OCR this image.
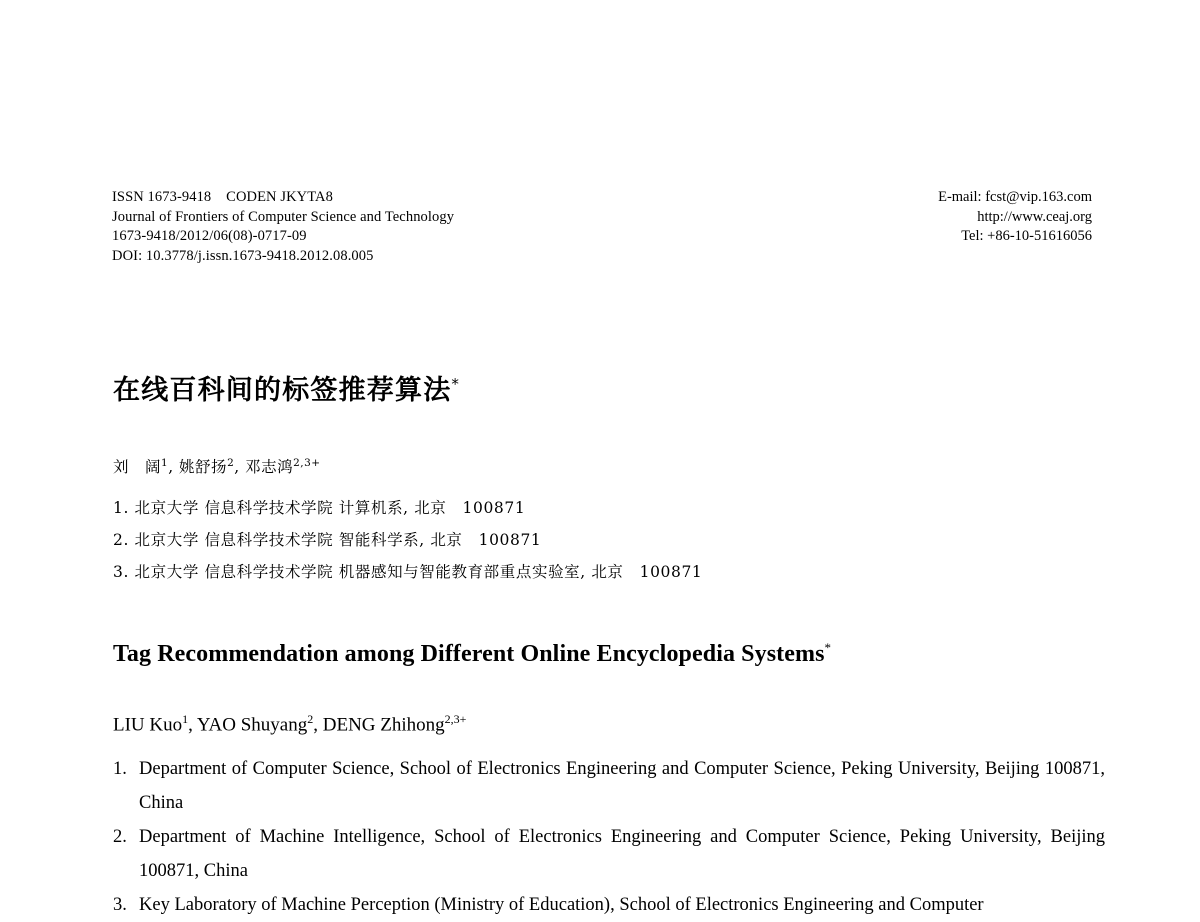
ISSN 1673-9418    CODEN JKYTA8
Journal of Frontiers of Computer Science and Technology
1673-9418/2012/06(08)-0717-09
DOI: 10.3778/j.issn.1673-9418.2012.08.005
E-mail: fcst@vip.163.com
http://www.ceaj.org
Tel: +86-10-51616056
在线百科间的标签推荐算法*
刘　阔$^1$, 姚舒扬$^2$, 邓志鸿$^{2,3+}$
1. 北京大学 信息科学技术学院 计算机系, 北京　100871
2. 北京大学 信息科学技术学院 智能科学系, 北京　100871
3. 北京大学 信息科学技术学院 机器感知与智能教育部重点实验室, 北京　100871
Tag Recommendation among Different Online Encyclopedia Systems*
LIU Kuo$^1$, YAO Shuyang$^2$, DENG Zhihong$^{2,3+}$
1. Department of Computer Science, School of Electronics Engineering and Computer Science, Peking University, Beijing 100871, China
2. Department of Machine Intelligence, School of Electronics Engineering and Computer Science, Peking University, Beijing 100871, China
3. Key Laboratory of Machine Perception (Ministry of Education), School of Electronics Engineering and Computer
